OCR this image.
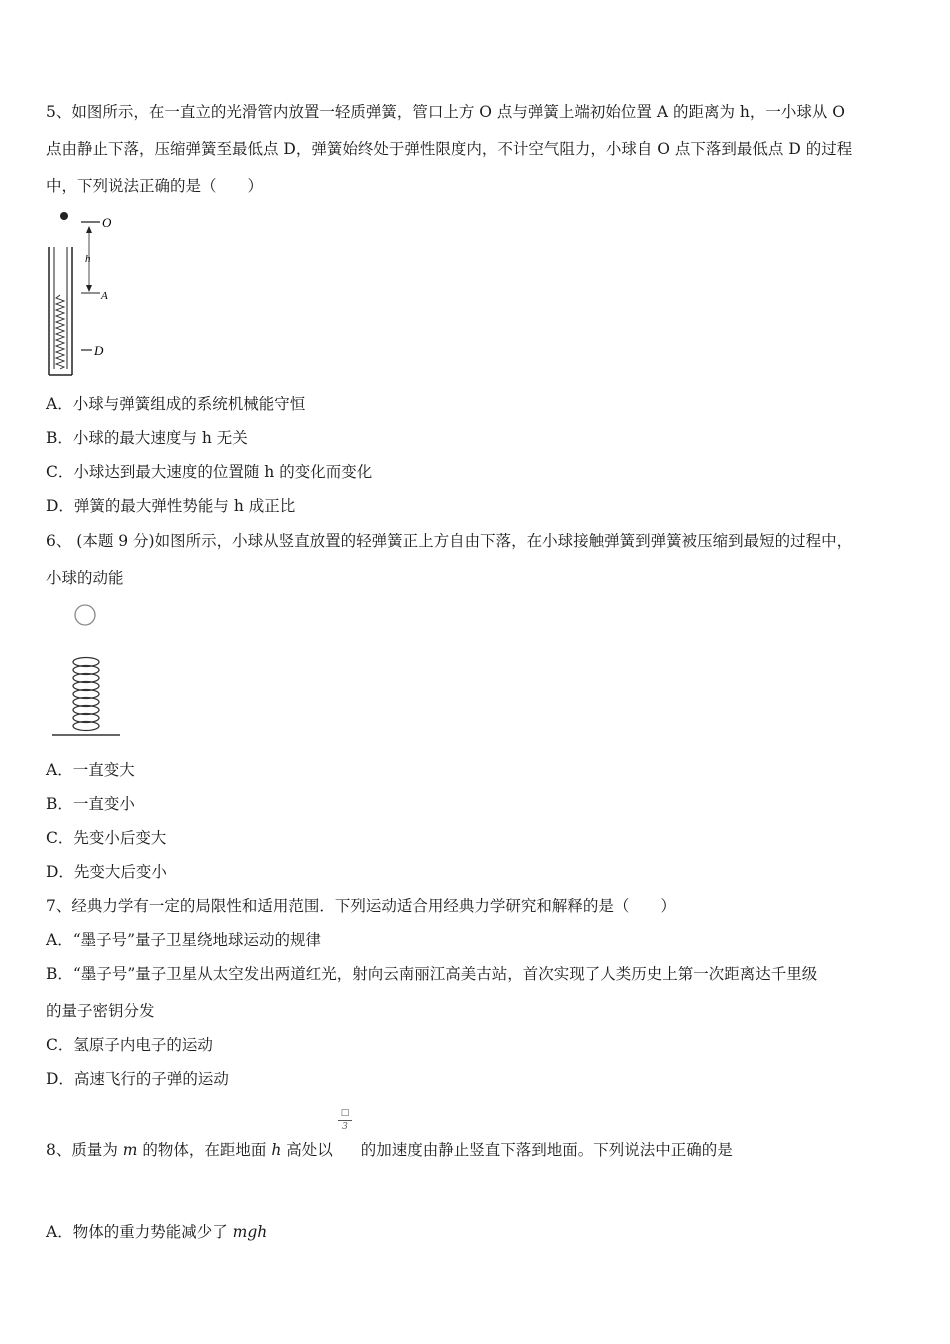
5、如图所示，在一直立的光滑管内放置一轻质弹簧，管口上方 O 点与弹簧上端初始位置 A 的距离为 h，一小球从 O
点由静止下落，压缩弹簧至最低点 D，弹簧始终处于弹性限度内，不计空气阻力，小球自 O 点下落到最低点 D 的过程
中，下列说法正确的是（　　）
O
h
A
D
A．小球与弹簧组成的系统机械能守恒
B．小球的最大速度与 h 无关
C．小球达到最大速度的位置随 h 的变化而变化
D．弹簧的最大弹性势能与 h 成正比
6、 (本题 9 分)如图所示，小球从竖直放置的轻弹簧正上方自由下落，在小球接触弹簧到弹簧被压缩到最短的过程中，
小球的动能
A．一直变大
B．一直变小
C．先变小后变大
D．先变大后变小
7、经典力学有一定的局限性和适用范围．下列运动适合用经典力学研究和解释的是（　　）
A．“墨子号”量子卫星绕地球运动的规律
B．“墨子号”量子卫星从太空发出两道红光，射向云南丽江高美古站，首次实现了人类历史上第一次距离达千里级
的量子密钥分发
C．氢原子内电子的运动
D．高速飞行的子弹的运动
□
3
8、质量为 m 的物体，在距地面 h 高处以 的加速度由静止竖直下落到地面。下列说法中正确的是
A．物体的重力势能减少了 mgh
